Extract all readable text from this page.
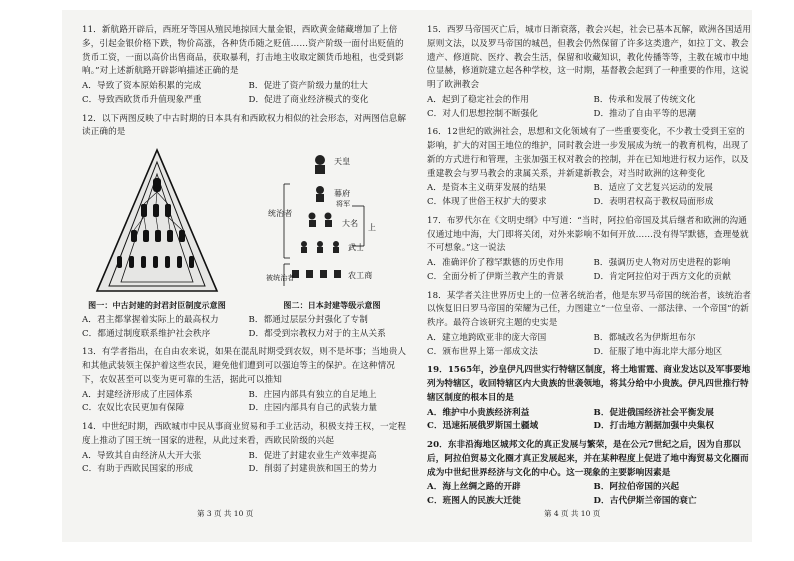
11．新航路开辟后，西班牙等国从殖民地掠回大量金银，西欧黄金储藏增加了上倍多，引起金银价格下跌，物价高涨，各种货币随之贬值……资产阶级一面付出贬值的货币工资，一面以高价出售商品，获取暴利，打击地主收取定额货币地租，也受到影响。”对上述新航路开辟影响描述正确的是
A．导致了资本原始积累的完成	B．促进了资产阶级力量的壮大
C．导致西欧货币升值现象严重	D．促进了商业经济模式的变化
12．以下两图反映了中古时期的日本具有和西欧权力相似的社会形态，对两图信息解读正确的是
图一：中古封建的封君封臣制度示意图
天皇
幕府
大名
武士
农工商
统治者
被统治者
将军
上
图二：日本封建等级示意图
A．君主都掌握着实际上的最高权力	B．都通过层层分封强化了专制
C．都通过制度联系维护社会秩序	D．都受到宗教权力对于的主从关系
13．有学者指出，在自由农来说，如果在混乱时期受到农奴，则不是坏事；当地贵人和其他武装领主保护着这些农民，避免他们遭到可以强迫等主的保护。在这种情况下，农奴甚至可以变为更可靠的生活，据此可以推知
A．封建经济形成了庄园体系	B．庄园内部具有独立的自足地上
C．农奴比农民更加有保障	D．庄园内部具有自己的武装力量
14．中世纪时期，西欧城市中民从事商业贸易和手工业活动，积极支持王权，一定程度上推动了国王统一国家的进程，从此过来看，西欧民阶级的兴起
A．导致其自由经济从大开大张	B．促进了封建农业生产效率提高
C．有助于西欧民国家的形成	D．削弱了封建贵族和国王的势力
15．西罗马帝国灭亡后，城市日渐衰落，教会兴起，社会已基本瓦解，欧洲各国适用原则文法，以及罗马帝国的城邑，但教会仍然保留了许多这类遗产，如拉丁文、教会遗产、修道院、医疗、教会生活，保留和收藏知识，教化传播等等，主教在城市中地位显赫，修道院建立起各种学校，这一时期，基督教会起到了一种重要的作用，这说明了欧洲教会
A．起到了稳定社会的作用	B．传承和发展了传统文化
C．对人们思想控制不断强化	D．推动了自由平等的思潮
16．12世纪的欧洲社会，思想和文化领域有了一些重要变化，不少教士受到王室的影响，扩大的对国王地位的维护，同时教会进一步发展成为统一的教育机构，出现了新的方式进行和管理，主张加强王权对教会的控制，并在已知地进行权力运作，以及重建教会与罗马教会的隶属关系，并新建新教会，对当时欧洲的这种变化
A．是资本主义萌芽发展的结果	B．适应了文艺复兴运动的发展
C．体现了世俗王权扩大的要求	D．表明君权高于教权局面形成
17．布罗代尔在《文明史纲》中写道：“当时，阿拉伯帝国及其后继者和欧洲的沟通仅通过地中海，大门即将关闭，对外来影响不如何开放……没有得罕默德，查理曼就不可想象。”这一说法
A．准确评价了穆罕默德的历史作用	B．强调历史人物对历史进程的影响
C．全面分析了伊斯兰教产生的背景	D．肯定阿拉伯对于西方文化的贡献
18．某学者关注世界历史上的一位著名统治者，他是东罗马帝国的统治者，该统治者以恢复旧日罗马帝国的荣耀为己任，力图建立“一位皇帝、一部法律、一个帝国”的新秩序。最符合该研究主题的史实是
A．建立地跨欧亚非的庞大帝国	B．都城改名为伊斯坦布尔
C．颁布世界上第一部成文法	D．征服了地中海北岸大部分地区
19．1565年，沙皇伊凡四世实行特辖区制度，将土地雷霆、商业发达以及军事要地列为特辖区，收回特辖区内大贵族的世袭领地，将其分给中小贵族。伊凡四世推行特辖区制度的根本目的是
A．维护中小贵族经济利益	B．促进俄国经济社会平衡发展
C．迅速拓展俄罗斯国土疆域	D．打击地方割据加强中央集权
20．东非沿海地区城邦文化的真正发展与繁荣，是在公元7世纪之后，因为自那以后，阿拉伯贸易文化圈才真正发展起来，并在某种程度上促进了地中海贸易文化圈而成为中世纪世界经济与文化的中心。这一现象的主要影响因素是
A．海上丝绸之路的开辟	B．阿拉伯帝国的兴起
C．班图人的民族大迁徙	D．古代伊斯兰帝国的衰亡
第 3 页 共 10 页	第 4 页 共 10 页
